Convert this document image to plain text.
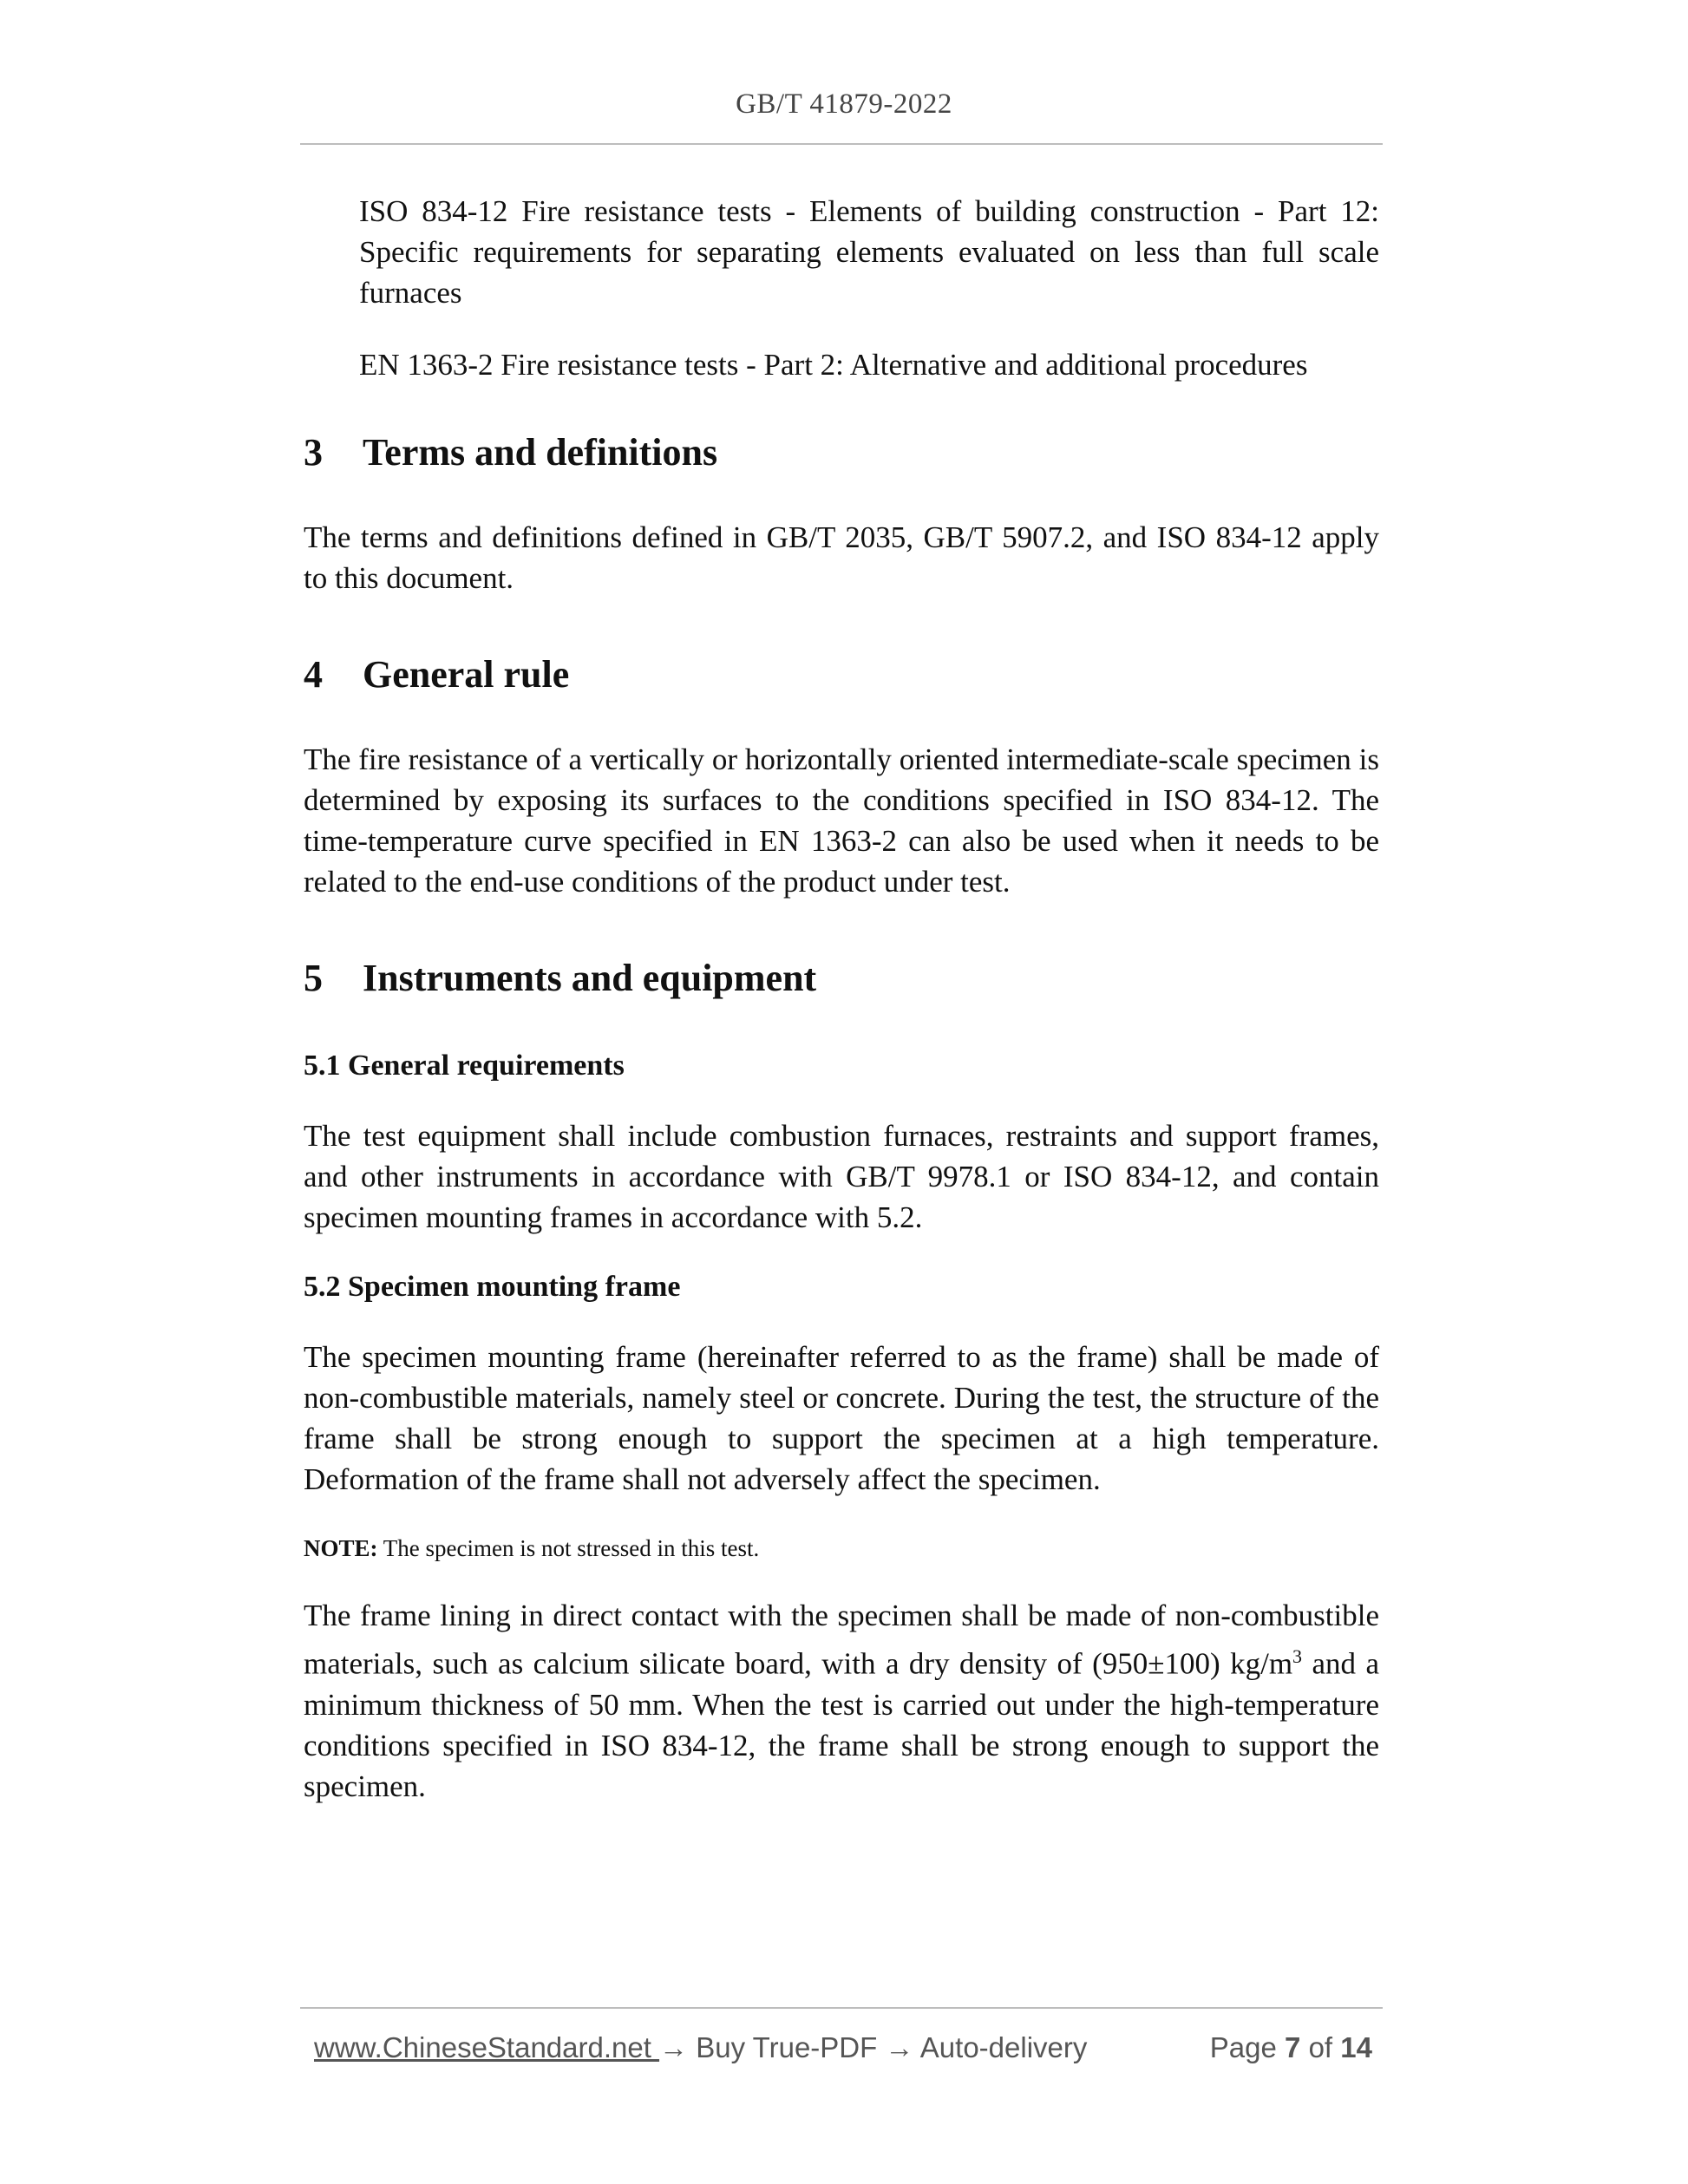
GB/T 41879-2022
ISO 834-12 Fire resistance tests - Elements of building construction - Part 12: Specific requirements for separating elements evaluated on less than full scale furnaces
EN 1363-2 Fire resistance tests - Part 2: Alternative and additional procedures
3	Terms and definitions

The terms and definitions defined in GB/T 2035, GB/T 5907.2, and ISO 834-12 apply to this document.

4	General rule

The fire resistance of a vertically or horizontally oriented intermediate-scale specimen is determined by exposing its surfaces to the conditions specified in ISO 834-12. The time-temperature curve specified in EN 1363-2 can also be used when it needs to be related to the end-use conditions of the product under test.

5	Instruments and equipment
5.1 General requirements

The test equipment shall include combustion furnaces, restraints and support frames, and other instruments in accordance with GB/T 9978.1 or ISO 834-12, and contain specimen mounting frames in accordance with 5.2.

5.2 Specimen mounting frame

The specimen mounting frame (hereinafter referred to as the frame) shall be made of non-combustible materials, namely steel or concrete. During the test, the structure of the frame shall be strong enough to support the specimen at a high temperature. Deformation of the frame shall not adversely affect the specimen.

NOTE: The specimen is not stressed in this test.

The frame lining in direct contact with the specimen shall be made of non-combustible materials, such as calcium silicate board, with a dry density of (950±100) $kg/m^3$ and a minimum thickness of 50 mm. When the test is carried out under the high-temperature conditions specified in ISO 834-12, the frame shall be strong enough to support the specimen.

www.ChineseStandard.net → Buy True-PDF → Auto-delivery	Page 7 of 14
